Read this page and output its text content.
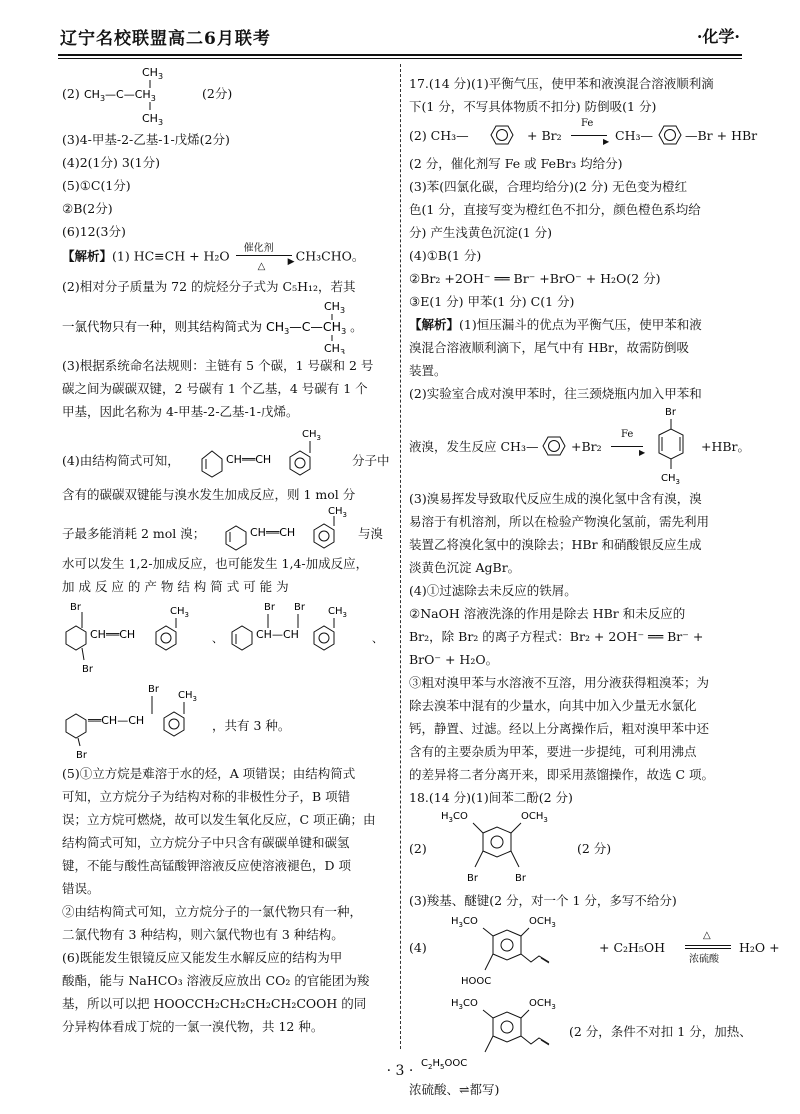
辽宁名校联盟高二6月联考	·化学·
(2)
$CH_3$
$CH_3—C—CH_3$
$CH_3$
(2分)
(3)4-甲基-2-乙基-1-戊烯(2分)
(4)2(1分) 3(1分)
(5)①C(1分)
②B(2分)
(6)12(3分)
【解析】(1) HC≡CH + H₂O 催化剂
▶
△
CH₃CHO。
(2)相对分子质量为 72 的烷烃分子式为 C₅H₁₂，若其
一氯代物只有一种，则其结构简式为 $CH_3—C—CH_3$ 。
$CH_3$
$CH_3$
(3)根据系统命名法规则：主链有 5 个碳，1 号碳和 2 号
碳之间为碳碳双键，2 号碳有 1 个乙基，4 号碳有 1 个
甲基，因此名称为 4-甲基-2-乙基-1-戊烯。
(4)由结构简式可知，	CH══CH
$CH_3$
分子中
含有的碳碳双键能与溴水发生加成反应，则 1 mol 分
子最多能消耗 2 mol 溴；	CH══CH
$CH_3$
与溴
水可以发生 1,2-加成反应，也可能发生 1,4-加成反应，
加 成 反 应 的 产 物 结 构 简 式 可 能 为
Br
CH══CH
Br
$CH_3$
、	CH—CH
Br Br $CH_3$
、
══CH—CH
Br
Br
$CH_3$
，共有 3 种。
(5)①立方烷是难溶于水的烃，A 项错误；由结构简式
可知，立方烷分子为结构对称的非极性分子，B 项错
误；立方烷可燃烧，故可以发生氧化反应，C 项正确；由
结构简式可知，立方烷分子中只含有碳碳单键和碳氢
键，不能与酸性高锰酸钾溶液反应使溶液褪色，D 项
错误。
②由结构简式可知，立方烷分子的一氯代物只有一种，
二氯代物有 3 种结构，则六氯代物也有 3 种结构。
(6)既能发生银镜反应又能发生水解反应的结构为甲
酸酯，能与 NaHCO₃ 溶液反应放出 CO₂ 的官能团为羧
基，所以可以把 HOOCCH₂CH₂CH₂CH₂COOH 的同
分异构体看成丁烷的一氯一溴代物，共 12 种。
17.(14 分)(1)平衡气压，使甲苯和液溴混合溶液顺利滴
下(1 分，不写具体物质不扣分) 防倒吸(1 分)
(2) CH₃—	+ Br₂
Fe
▶ CH₃—	—Br + HBr
(2 分，催化剂写 Fe 或 FeBr₃ 均给分)
(3)苯(四氯化碳，合理均给分)(2 分) 无色变为橙红
色(1 分，直接写变为橙红色不扣分，颜色橙色系均给
分) 产生浅黄色沉淀(1 分)
(4)①B(1 分)
②Br₂ +2OH⁻ ══ Br⁻ +BrO⁻ + H₂O(2 分)
③E(1 分) 甲苯(1 分) C(1 分)
【解析】(1)恒压漏斗的优点为平衡气压，使甲苯和液
溴混合溶液顺利滴下，尾气中有 HBr，故需防倒吸
装置。
(2)实验室合成对溴甲苯时，往三颈烧瓶内加入甲苯和
液溴，发生反应 CH₃—	+Br₂
Fe
▶
Br
$CH_3$
+HBr。
(3)溴易挥发导致取代反应生成的溴化氢中含有溴，溴
易溶于有机溶剂，所以在检验产物溴化氢前，需先利用
装置乙将溴化氢中的溴除去；HBr 和硝酸银反应生成
淡黄色沉淀 AgBr。
(4)①过滤除去未反应的铁屑。
②NaOH 溶液洗涤的作用是除去 HBr 和未反应的
Br₂，除 Br₂ 的离子方程式：Br₂ + 2OH⁻ ══ Br⁻ +
BrO⁻ + H₂O。
③粗对溴甲苯与水溶液不互溶，用分液获得粗溴苯；为
除去溴苯中混有的少量水，向其中加入少量无水氯化
钙，静置、过滤。经以上分离操作后，粗对溴甲苯中还
含有的主要杂质为甲苯，要进一步提纯，可利用沸点
的差异将二者分离开来，即采用蒸馏操作，故选 C 项。
18.(14 分)(1)间苯二酚(2 分)
(2)
$H_3CO$	$OCH_3$
Br	Br
(2 分)
(3)羧基、醚键(2 分，对一个 1 分，多写不给分)
(4)
$H_3CO$	$OCH_3$
HOOC
+ C₂H₅OH
△
浓硫酸
H₂O +
$H_3CO$	$OCH_3$
$C_2H_5OOC$
(2 分，条件不对扣 1 分，加热、
浓硫酸、⇌都写)
· 3 ·
